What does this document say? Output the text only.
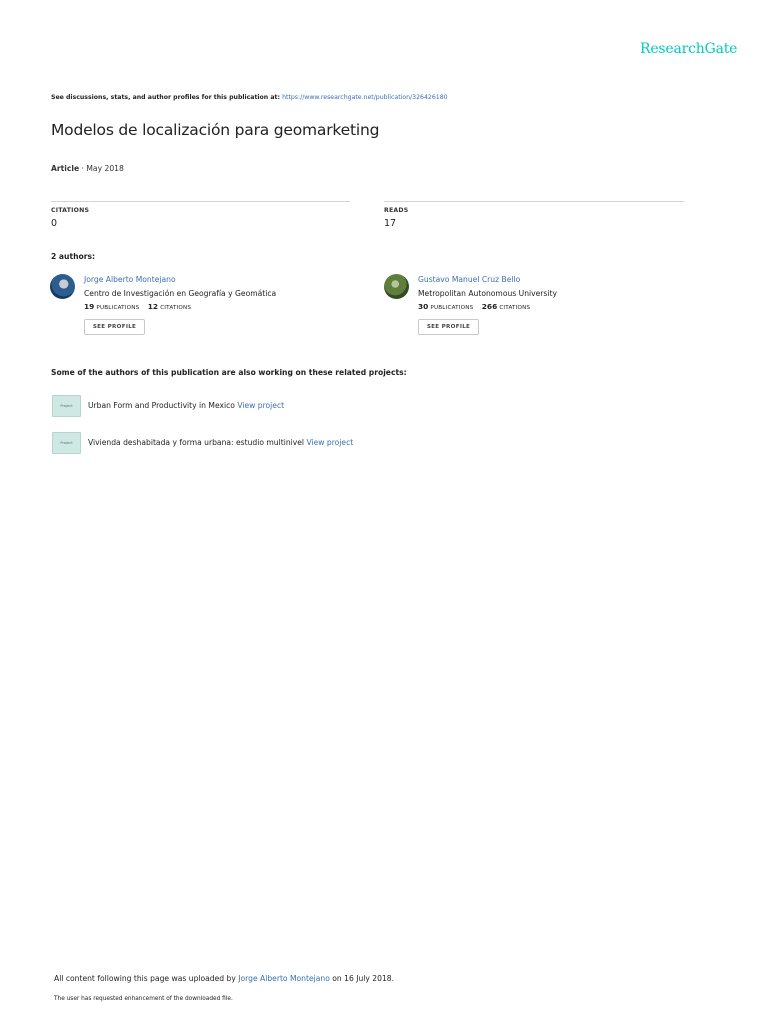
ResearchGate
See discussions, stats, and author profiles for this publication at: https://www.researchgate.net/publication/326426180
Modelos de localización para geomarketing
Article · May 2018
CITATIONS
0
READS
17
2 authors:
Jorge Alberto Montejano
Centro de Investigación en Geografía y Geomática
19 PUBLICATIONS 12 CITATIONS
SEE PROFILE
Gustavo Manuel Cruz Bello
Metropolitan Autonomous University
30 PUBLICATIONS 266 CITATIONS
SEE PROFILE
Some of the authors of this publication are also working on these related projects:
Project	Urban Form and Productivity in Mexico View project
Project	Vivienda deshabitada y forma urbana: estudio multinivel View project
All content following this page was uploaded by Jorge Alberto Montejano on 16 July 2018.
The user has requested enhancement of the downloaded file.
